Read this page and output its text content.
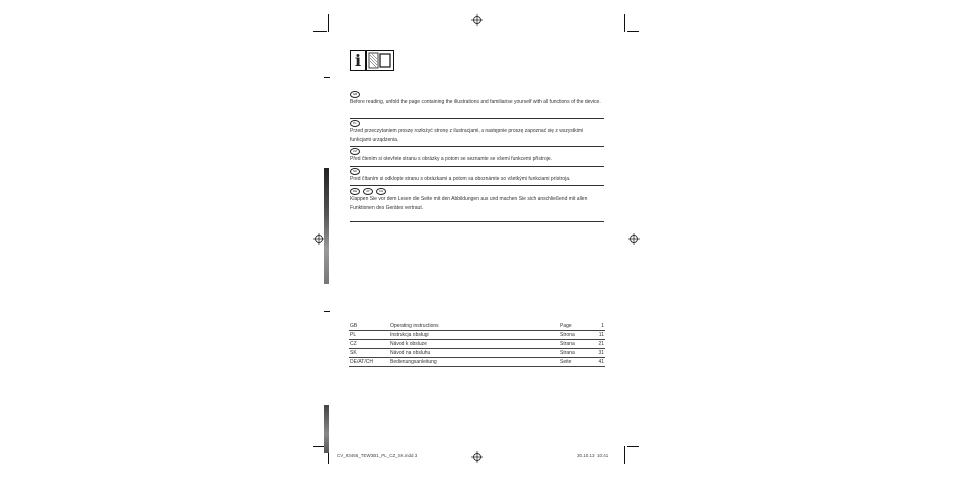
i
GB
Before reading, unfold the page containing the illustrations and familiarise yourself with all functions of the device.
PL
Przed przeczytaniem proszę rozłożyć stronę z ilustracjami, a następnie proszę zapoznać się z wszystkimi funkcjami urządzenia.
CZ
Před čtením si otevřete stranu s obrázky a potom se seznamte se všemi funkcemi přístroje.
SK
Pred čítaním si odklopte stranu s obrázkami a potom sa oboznámte so všetkými funkciami prístroja.
DE	AT	CH
Klappen Sie vor dem Lesen die Seite mit den Abbildungen aus und machen Sie sich anschließend mit allen Funktionen des Gerätes vertraut.
GB	Operating instructions	Page	1
PL	Instrukcja obsługi	Strona	11
CZ	Návod k obsluze	Strana	21
SK	Návod na obsluhu	Strana	31
DE/AT/CH	Bedienungsanleitung	Seite	41
CV_93466_TEW3B1_PL_CZ_SK.indd 3	30.10.13 10:41
